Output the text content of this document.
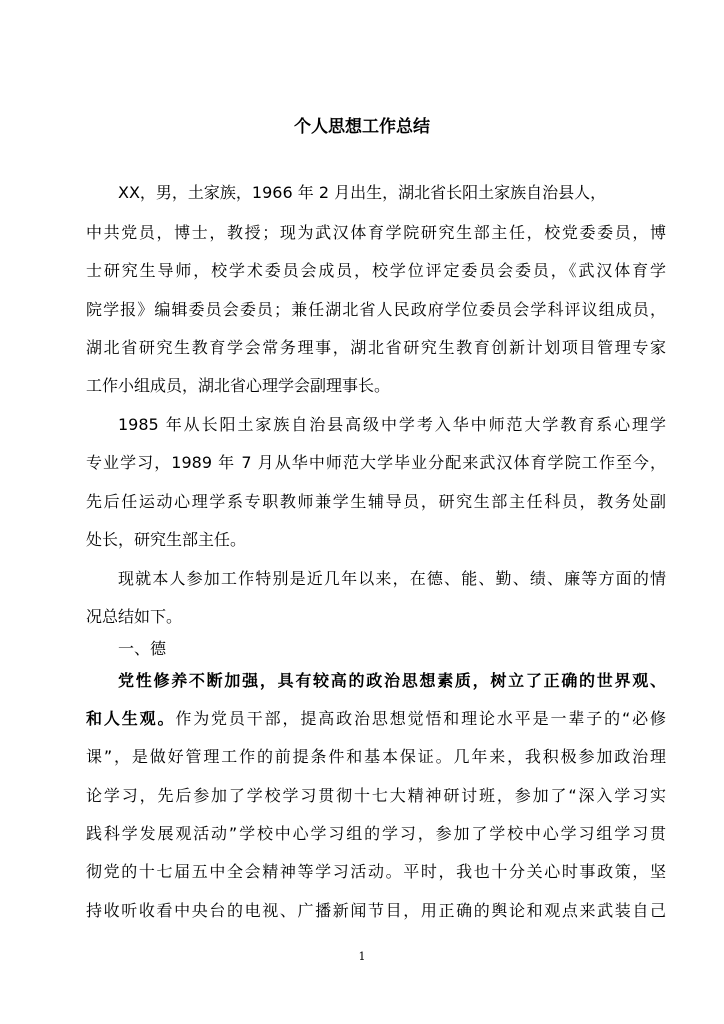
个人思想工作总结
XX，男，土家族，1966 年 2 月出生，湖北省长阳土家族自治县人，
中共党员，博士，教授；现为武汉体育学院研究生部主任，校党委委员，博
士研究生导师，校学术委员会成员，校学位评定委员会委员，《武汉体育学
院学报》编辑委员会委员；兼任湖北省人民政府学位委员会学科评议组成员，
湖北省研究生教育学会常务理事，湖北省研究生教育创新计划项目管理专家
工作小组成员，湖北省心理学会副理事长。
1985 年从长阳土家族自治县高级中学考入华中师范大学教育系心理学
专业学习，1989 年 7 月从华中师范大学毕业分配来武汉体育学院工作至今，
先后任运动心理学系专职教师兼学生辅导员，研究生部主任科员，教务处副
处长，研究生部主任。
现就本人参加工作特别是近几年以来，在德、能、勤、绩、廉等方面的情
况总结如下。
一、德
党性修养不断加强，具有较高的政治思想素质，树立了正确的世界观、
和人生观。作为党员干部，提高政治思想觉悟和理论水平是一辈子的“必修
课”，是做好管理工作的前提条件和基本保证。几年来，我积极参加政治理
论学习，先后参加了学校学习贯彻十七大精神研讨班，参加了“深入学习实
践科学发展观活动”学校中心学习组的学习，参加了学校中心学习组学习贯
彻党的十七届五中全会精神等学习活动。平时，我也十分关心时事政策，坚
持收听收看中央台的电视、广播新闻节目，用正确的舆论和观点来武装自己
1
